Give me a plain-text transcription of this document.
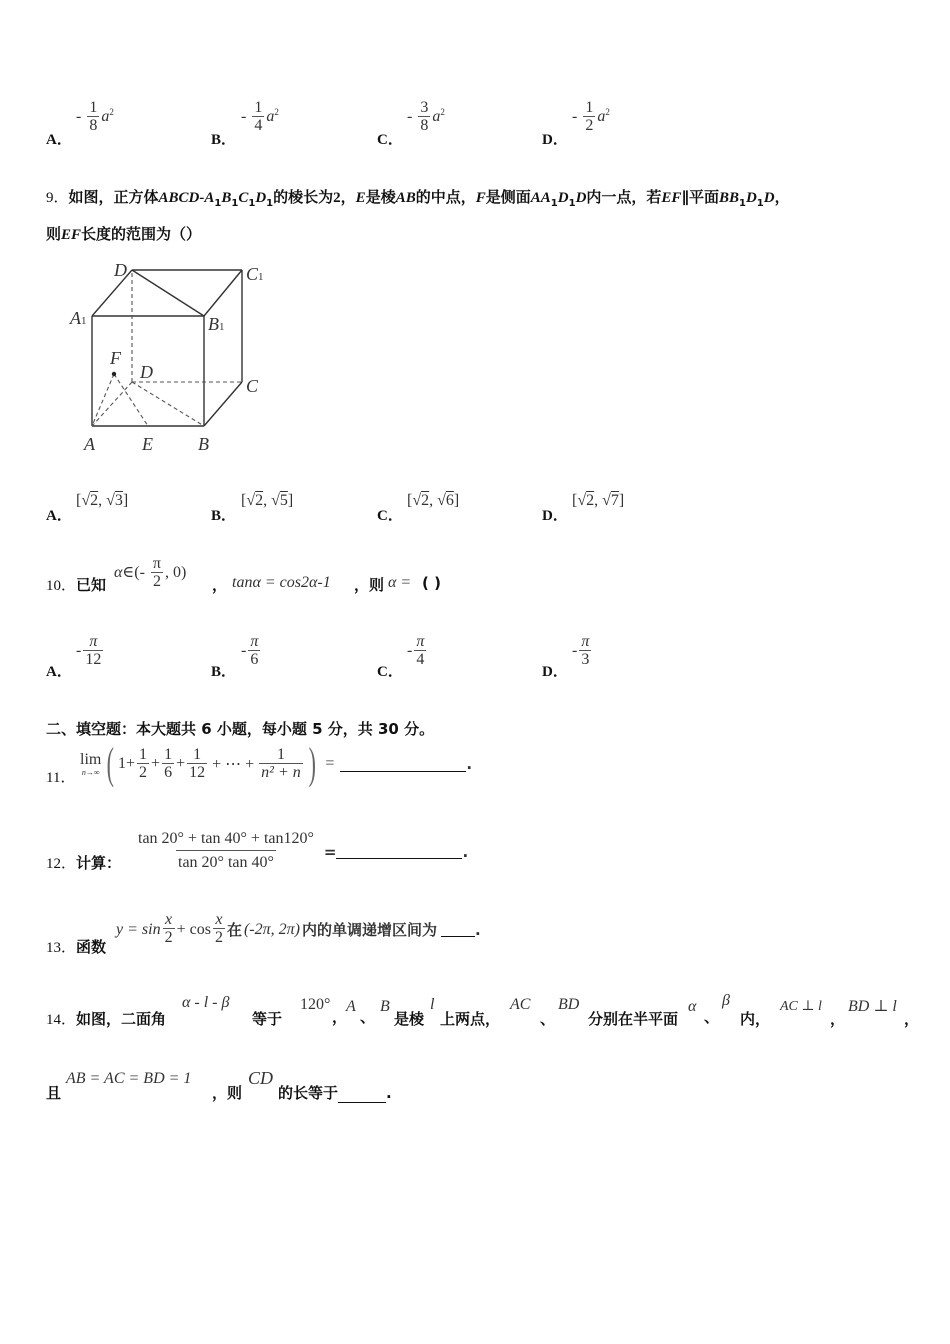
A．
- $\frac{1}{8} a^2$
B．
- $\frac{1}{4} a^2$
C．
- $\frac{3}{8} a^2$
D．
- $\frac{1}{2} a^2$
9．如图，正方体ABCD-$A_1B_1C_1D_1$的棱长为2，E是棱AB的中点，F是侧面$AA_1D_1D$内一点，若EF∥平面$BB_1D_1D$，
则EF长度的范围为（）
D	C1
A1	B1
F
D
C
A	E	B
A．
[√2, √3]
B．
[√2, √5]
C．
[√2, √6]
D．
[√2, √7]
10．已知
α∈(- $\frac{\pi}{2}$ , 0)
， tanα = cos2α-1 ，则 α = ( )
A．
- $\frac{\pi}{12}$
B．
- $\frac{\pi}{6}$
C．
- $\frac{\pi}{4}$
D．
- $\frac{\pi}{3}$
二、填空题：本大题共 6 小题，每小题 5 分，共 30 分。
11．
lim
n→∞ ( $1 + \frac{1}{2} + \frac{1}{6} + \frac{1}{12}$ + ⋯ + $\frac{1}{\text{n² + n}}$ ) =	.
12．计算： $\frac{\tan 20^\circ + \tan 40^\circ + \tan 120^\circ}{\tan 20^\circ \tan 40^\circ}$ =	.
13．函数
$y = \sin \frac{x}{2} + \cos \frac{x}{2}$ 在 (-2π, 2π) 内的单调递增区间为	.
14．如图，二面角
α - l - β
等于
120°
，
A
、
B
是棱
l
上两点，
AC
、
BD
分别在半平面
α
、
β
内，
AC ⊥ l
，
BD ⊥ l
，
且
AB = AC = BD = 1
，则
CD
的长等于	.
